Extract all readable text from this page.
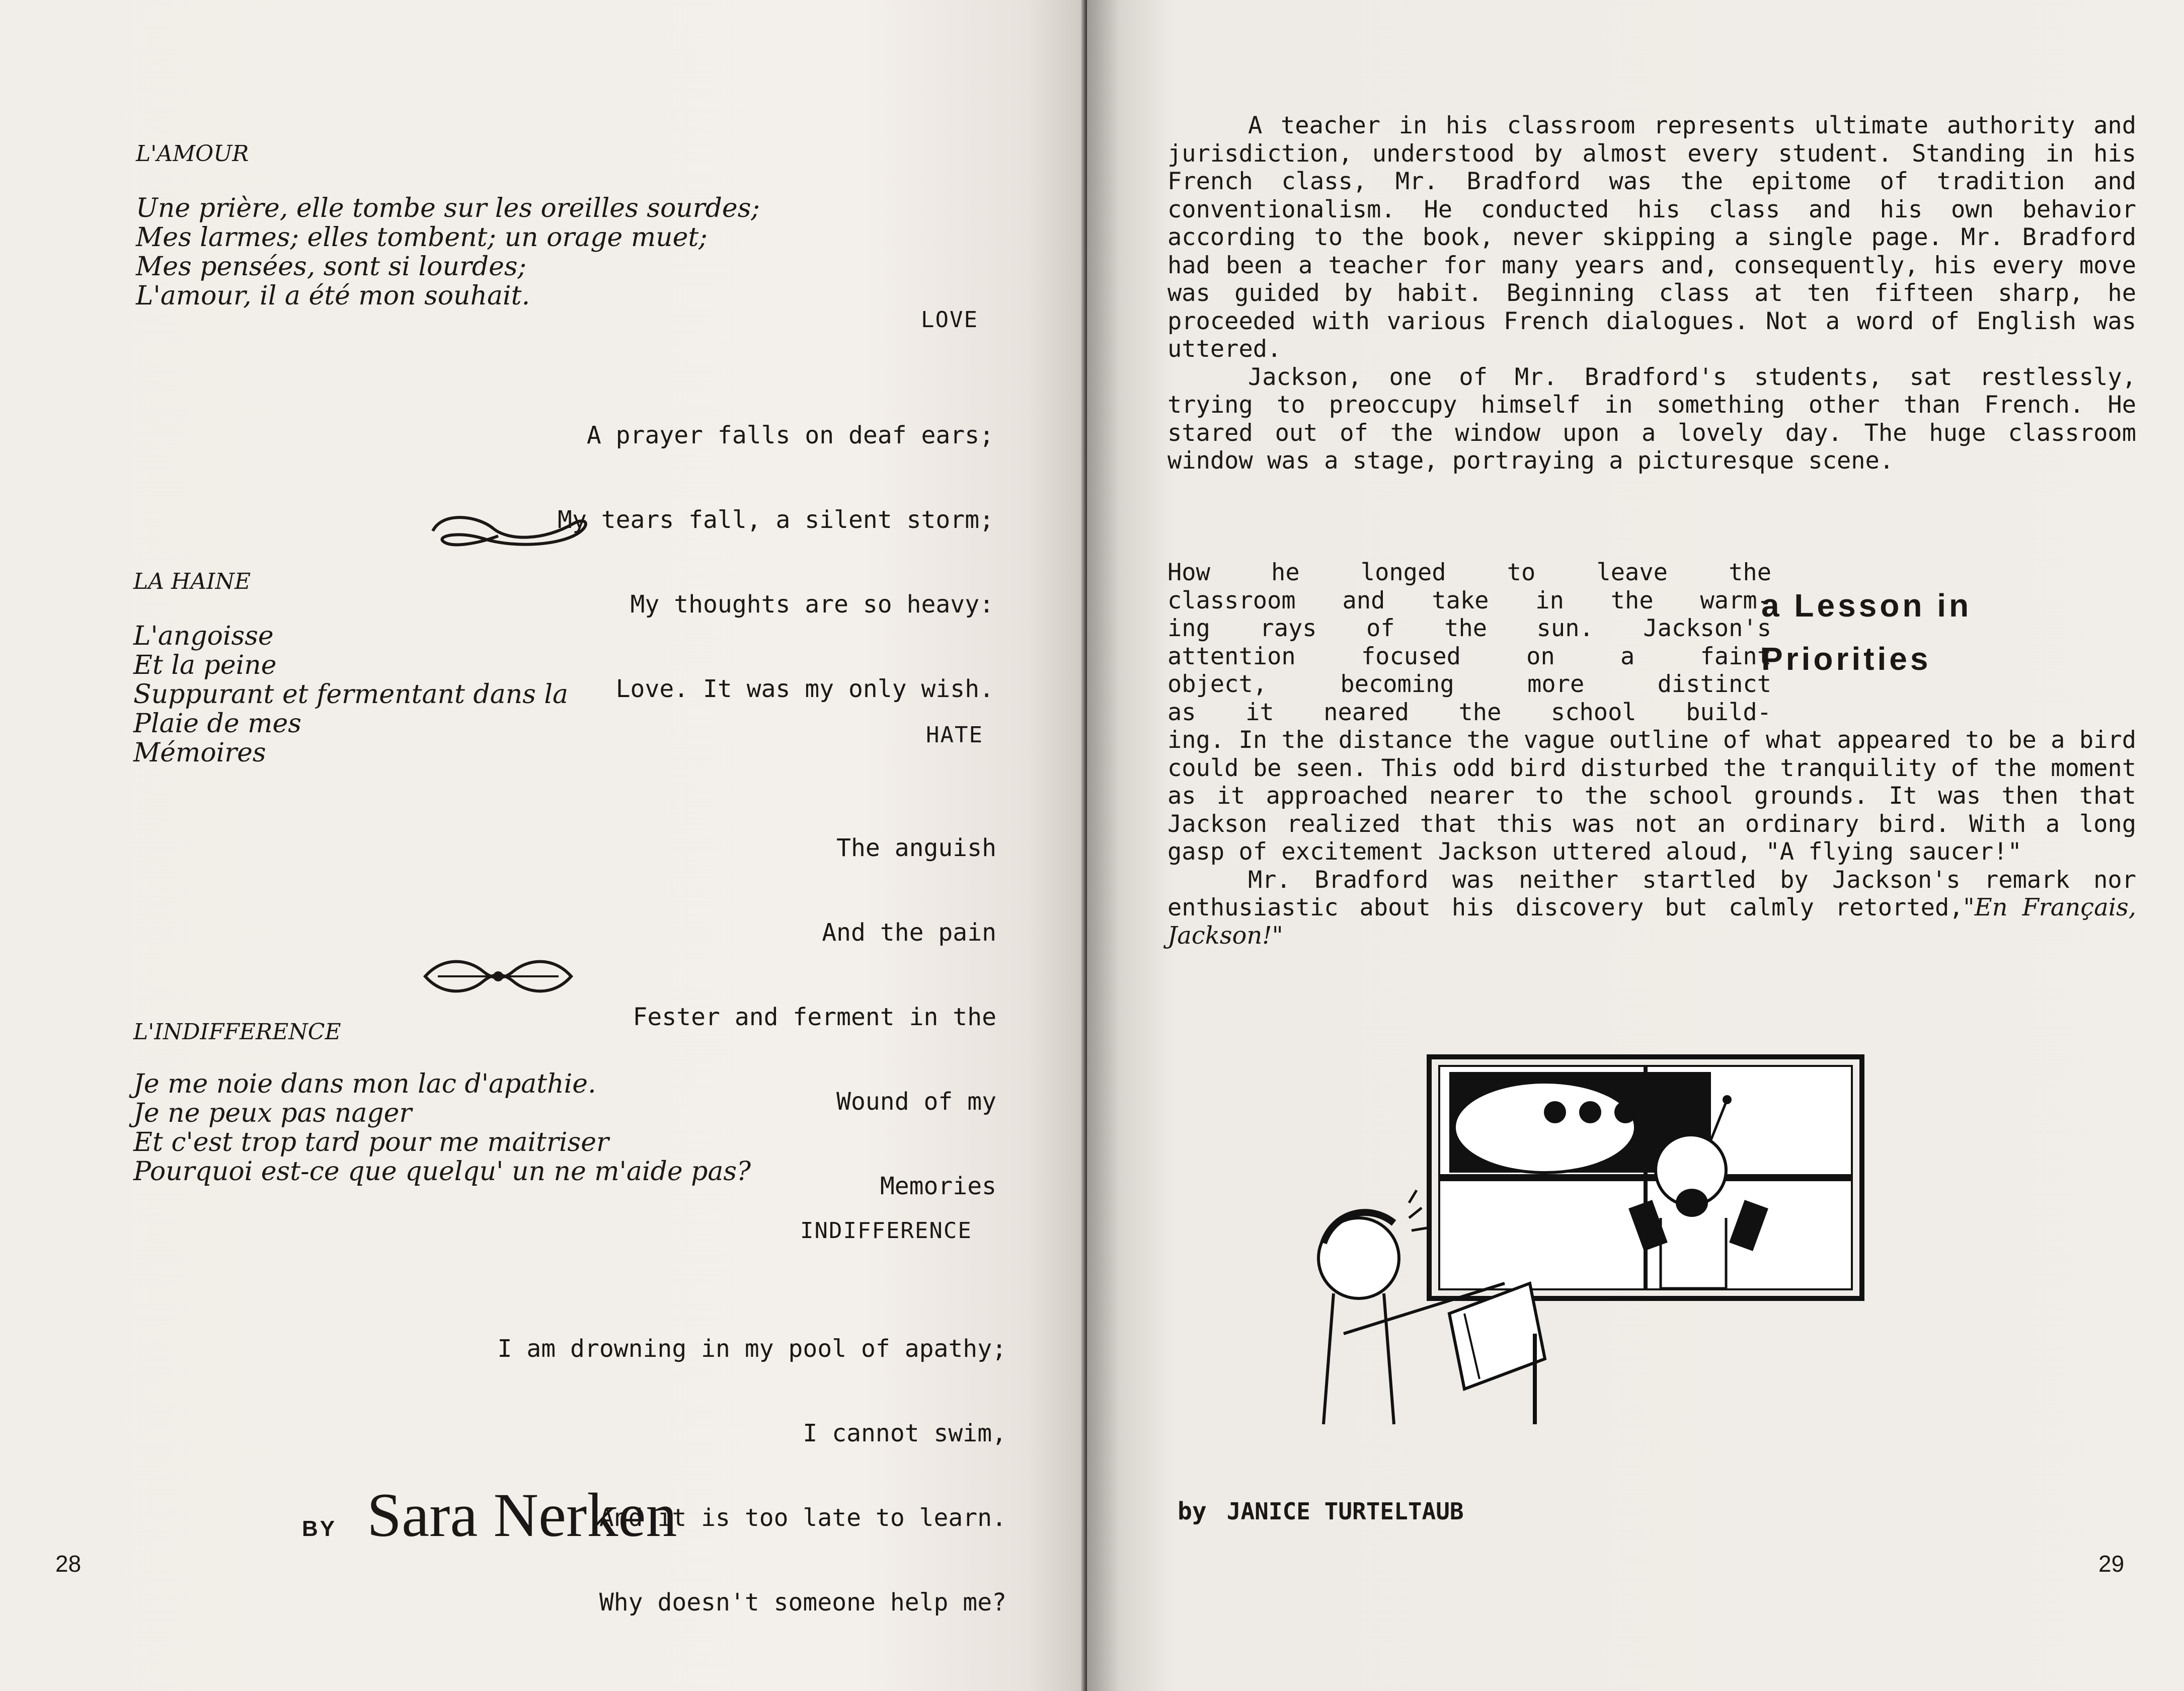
L'AMOUR
Une prière, elle tombe sur les oreilles sourdes;
Mes larmes; elles tombent; un orage muet;
Mes pensées, sont si lourdes;
L'amour, il a été mon souhait.
LOVE

A prayer falls on deaf ears;

My tears fall, a silent storm;

My thoughts are so heavy:

Love. It was my only wish.

LA HAINE
L'angoisse
Et la peine
Suppurant et fermentant dans la
Plaie de mes
Mémoires
HATE

The anguish

And the pain

Fester and ferment in the

Wound of my

Memories

L'INDIFFERENCE
Je me noie dans mon lac d'apathie.
Je ne peux pas nager
Et c'est trop tard pour me maitriser
Pourquoi est-ce que quelqu' un ne m'aide pas?
INDIFFERENCE

I am drowning in my pool of apathy;

I cannot swim,

And it is too late to learn.

Why doesn't someone help me?

BY Sara Nerken
28

A teacher in his classroom represents ultimate authority and jurisdiction, understood by almost every student. Standing in his French class, Mr. Bradford was the epitome of tradition and conventionalism. He conducted his class and his own behavior according to the book, never skipping a single page. Mr. Bradford had been a teacher for many years and, consequently, his every move was guided by habit. Beginning class at ten fifteen sharp, he proceeded with various French dialogues. Not a word of English was uttered.

Jackson, one of Mr. Bradford's students, sat restlessly, trying to preoccupy himself in something other than French. He stared out of the window upon a lovely day. The huge classroom window was a stage, portraying a picturesque scene.

How he longed to leave the
classroom and take in the warm-
ing rays of the sun. Jackson's
attention focused on a faint
object, becoming more distinct
as it neared the school build-
a Lesson in
Priorities
ing. In the distance the vague outline of what appeared to be a bird could be seen. This odd bird disturbed the tranquility of the moment as it approached nearer to the school grounds. It was then that Jackson realized that this was not an ordinary bird. With a long gasp of excitement Jackson uttered aloud, "A flying saucer!"
Mr. Bradford was neither startled by Jackson's remark nor enthusiastic about his discovery but calmly retorted,"En Français, Jackson!"
by JANICE TURTELTAUB
29
